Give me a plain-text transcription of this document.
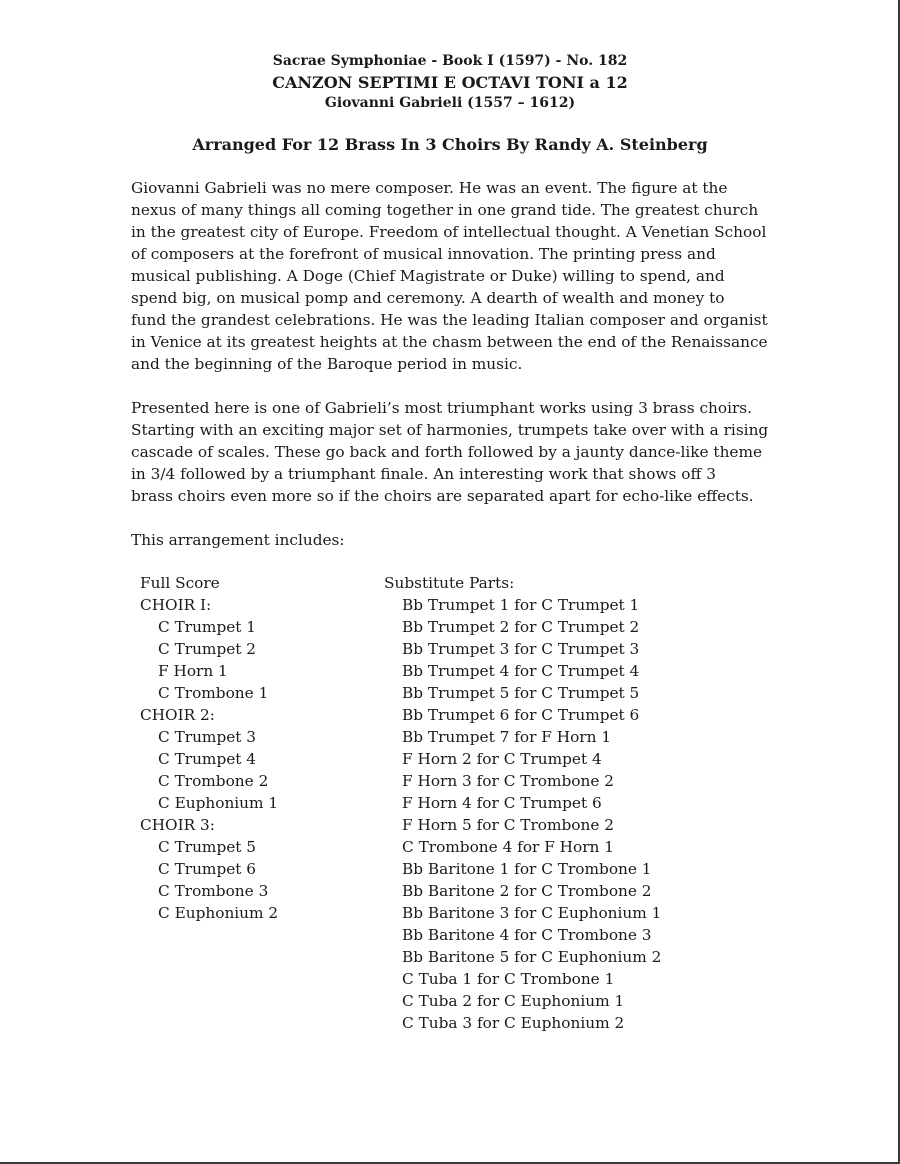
Sacrae Symphoniae - Book I (1597) - No. 182
CANZON SEPTIMI E OCTAVI TONI a 12
Giovanni Gabrieli (1557 – 1612)
Arranged For 12 Brass In 3 Choirs By Randy A. Steinberg

Giovanni Gabrieli was no mere composer. He was an event. The figure at the
nexus of many things all coming together in one grand tide. The greatest church
in the greatest city of Europe. Freedom of intellectual thought. A Venetian School
of composers at the forefront of musical innovation. The printing press and
musical publishing. A Doge (Chief Magistrate or Duke) willing to spend, and
spend big, on musical pomp and ceremony. A dearth of wealth and money to
fund the grandest celebrations. He was the leading Italian composer and organist
in Venice at its greatest heights at the chasm between the end of the Renaissance
and the beginning of the Baroque period in music.

Presented here is one of Gabrieli’s most triumphant works using 3 brass choirs.
Starting with an exciting major set of harmonies, trumpets take over with a rising
cascade of scales. These go back and forth followed by a jaunty dance-like theme
in 3/4 followed by a triumphant finale. An interesting work that shows off 3
brass choirs even more so if the choirs are separated apart for echo-like effects.

This arrangement includes:
Full Score
CHOIR I:
C Trumpet 1
C Trumpet 2
F Horn 1
C Trombone 1
CHOIR 2:
C Trumpet 3
C Trumpet 4
C Trombone 2
C Euphonium 1
CHOIR 3:
C Trumpet 5
C Trumpet 6
C Trombone 3
C Euphonium 2
Substitute Parts:
Bb Trumpet 1 for C Trumpet 1
Bb Trumpet 2 for C Trumpet 2
Bb Trumpet 3 for C Trumpet 3
Bb Trumpet 4 for C Trumpet 4
Bb Trumpet 5 for C Trumpet 5
Bb Trumpet 6 for C Trumpet 6
Bb Trumpet 7 for F Horn 1
F Horn 2 for C Trumpet 4
F Horn 3 for C Trombone 2
F Horn 4 for C Trumpet 6
F Horn 5 for C Trombone 2
C Trombone 4 for F Horn 1
Bb Baritone 1 for C Trombone 1
Bb Baritone 2 for C Trombone 2
Bb Baritone 3 for C Euphonium 1
Bb Baritone 4 for C Trombone 3
Bb Baritone 5 for C Euphonium 2
C Tuba 1 for C Trombone 1
C Tuba 2 for C Euphonium 1
C Tuba 3 for C Euphonium 2
